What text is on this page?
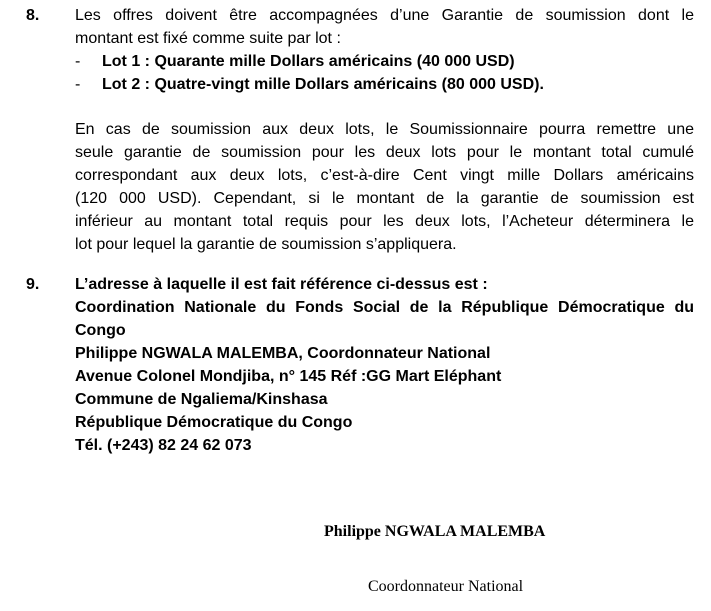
8. Les offres doivent être accompagnées d’une Garantie de soumission dont le
montant est fixé comme suite par lot :
- Lot 1 : Quarante mille Dollars américains (40 000 USD)
- Lot 2 : Quatre-vingt mille Dollars américains (80 000 USD).
En cas de soumission aux deux lots, le Soumissionnaire pourra remettre une
seule garantie de soumission pour les deux lots pour le montant total cumulé
correspondant aux deux lots, c’est-à-dire Cent vingt mille Dollars américains
(120 000 USD). Cependant, si le montant de la garantie de soumission est
inférieur au montant total requis pour les deux lots, l’Acheteur déterminera le
lot pour lequel la garantie de soumission s’appliquera.
9. L’adresse à laquelle il est fait référence ci-dessus est :
Coordination Nationale du Fonds Social de la République Démocratique du
Congo
Philippe NGWALA MALEMBA, Coordonnateur National
Avenue Colonel Mondjiba, n° 145 Réf :GG Mart Eléphant
Commune de Ngaliema/Kinshasa
République Démocratique du Congo
Tél. (+243) 82 24 62 073
Philippe NGWALA MALEMBA
Coordonnateur National
